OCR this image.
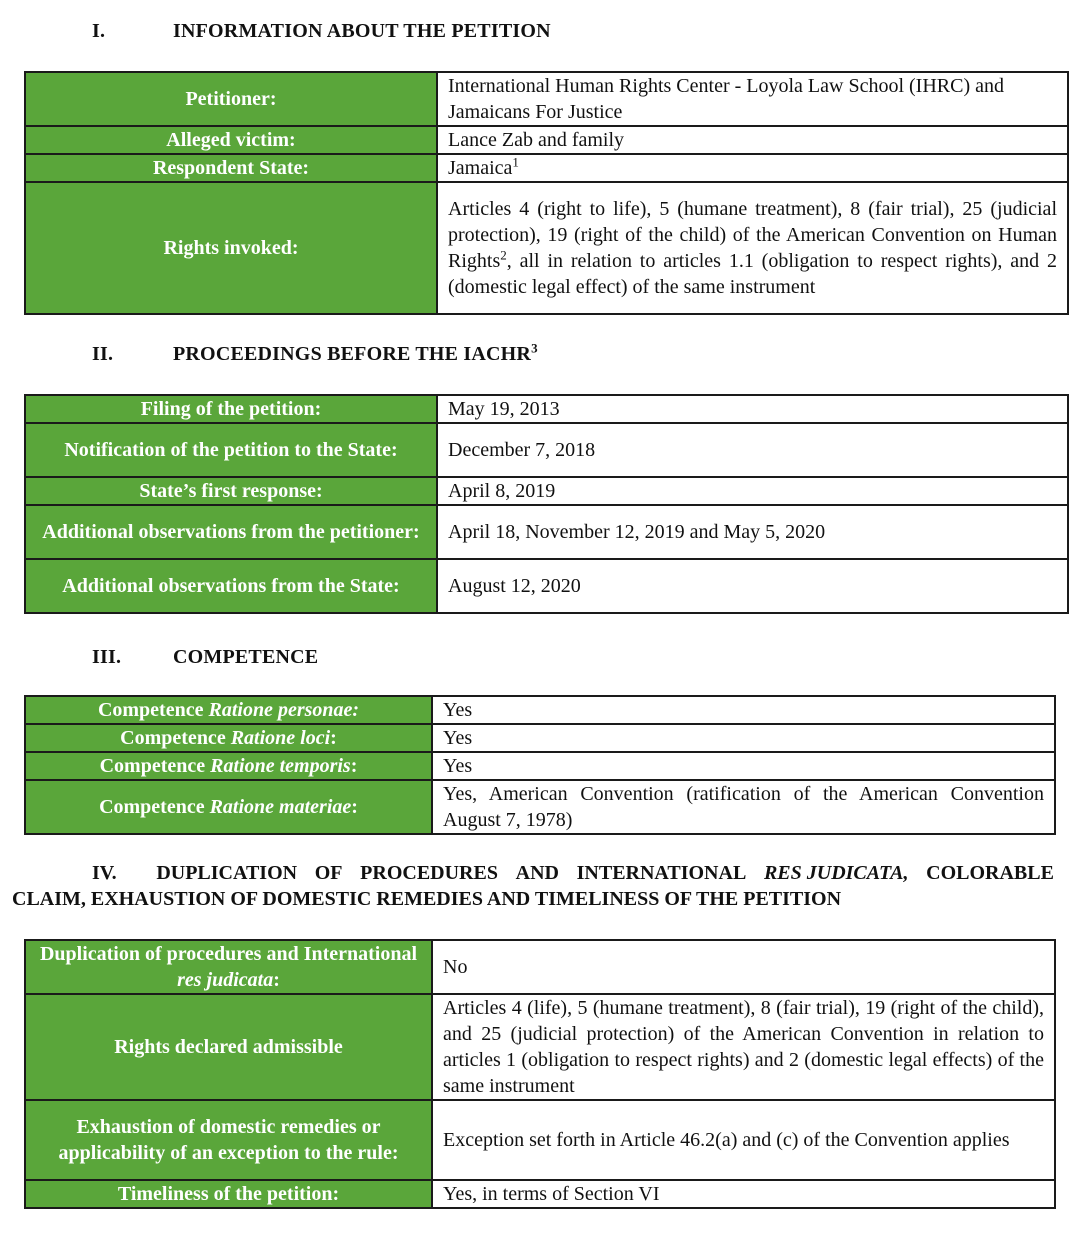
I.	INFORMATION ABOUT THE PETITION
Petitioner:	International Human Rights Center - Loyola Law School (IHRC) and Jamaicans For Justice
Alleged victim:	Lance Zab and family
Respondent State:	Jamaica$^1$
Rights invoked:	Articles 4 (right to life), 5 (humane treatment), 8 (fair trial), 25 (judicial protection), 19 (right of the child) of the American Convention on Human Rights$^2$, all in relation to articles 1.1 (obligation to respect rights), and 2 (domestic legal effect) of the same instrument
II.	PROCEEDINGS BEFORE THE IACHR$^3$
Filing of the petition:	May 19, 2013
Notification of the petition to the State:	December 7, 2018
State’s first response:	April 8, 2019
Additional observations from the petitioner:	April 18, November 12, 2019 and May 5, 2020
Additional observations from the State:	August 12, 2020
III.	COMPETENCE
Competence Ratione personae:	Yes
Competence Ratione loci:	Yes
Competence Ratione temporis:	Yes
Competence Ratione materiae:	Yes, American Convention (ratification of the American Convention August 7, 1978)
IV. DUPLICATION OF PROCEDURES AND INTERNATIONAL RES JUDICATA, COLORABLE
CLAIM, EXHAUSTION OF DOMESTIC REMEDIES AND TIMELINESS OF THE PETITION
Duplication of procedures and International res judicata:	No
Rights declared admissible	Articles 4 (life), 5 (humane treatment), 8 (fair trial), 19 (right of the child), and 25 (judicial protection) of the American Convention in relation to articles 1 (obligation to respect rights) and 2 (domestic legal effects) of the same instrument
Exhaustion of domestic remedies or applicability of an exception to the rule:	Exception set forth in Article 46.2(a) and (c) of the Convention applies
Timeliness of the petition:	Yes, in terms of Section VI
